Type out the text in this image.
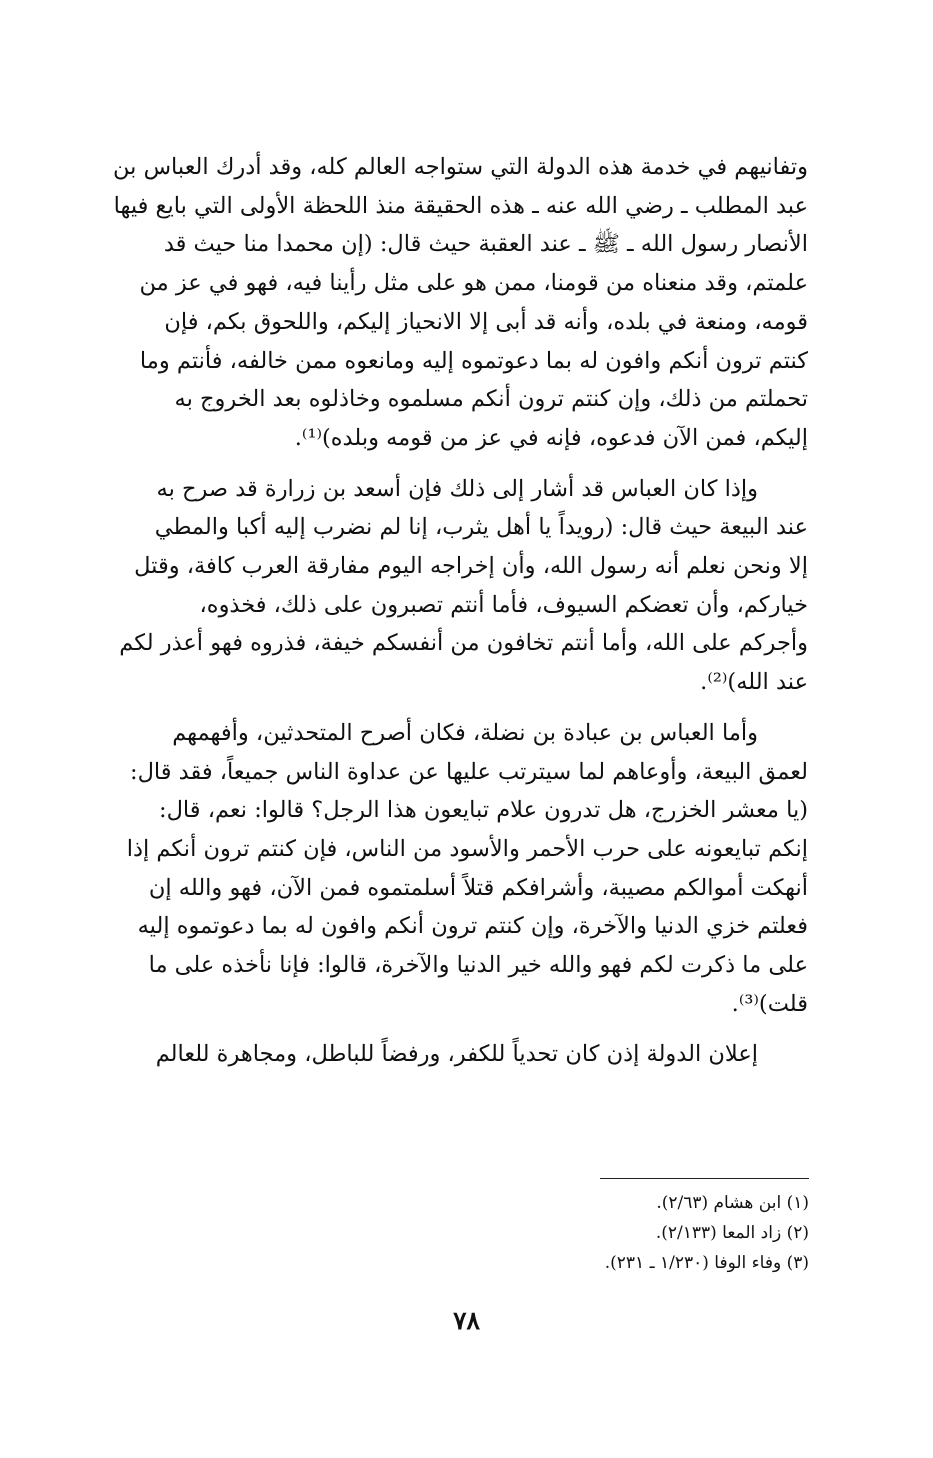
وتفانيهم في خدمة هذه الدولة التي ستواجه العالم كله، وقد أدرك العباس بن
عبد المطلب ـ رضي الله عنه ـ هذه الحقيقة منذ اللحظة الأولى التي بايع فيها
الأنصار رسول الله ـ ﷺ ـ عند العقبة حيث قال: (إن محمدا منا حيث قد
علمتم، وقد منعناه من قومنا، ممن هو على مثل رأينا فيه، فهو في عز من
قومه، ومنعة في بلده، وأنه قد أبى إلا الانحياز إليكم، واللحوق بكم، فإن
كنتم ترون أنكم وافون له بما دعوتموه إليه ومانعوه ممن خالفه، فأنتم وما
تحملتم من ذلك، وإن كنتم ترون أنكم مسلموه وخاذلوه بعد الخروج به
إليكم، فمن الآن فدعوه، فإنه في عز من قومه وبلده)⁽¹⁾.

وإذا كان العباس قد أشار إلى ذلك فإن أسعد بن زرارة قد صرح به
عند البيعة حيث قال: (رويداً يا أهل يثرب، إنا لم نضرب إليه أكبا والمطي
إلا ونحن نعلم أنه رسول الله، وأن إخراجه اليوم مفارقة العرب كافة، وقتل
خياركم، وأن تعضكم السيوف، فأما أنتم تصبرون على ذلك، فخذوه،
وأجركم على الله، وأما أنتم تخافون من أنفسكم خيفة، فذروه فهو أعذر لكم
عند الله)⁽²⁾.

وأما العباس بن عبادة بن نضلة، فكان أصرح المتحدثين، وأفهمهم
لعمق البيعة، وأوعاهم لما سيترتب عليها عن عداوة الناس جميعاً، فقد قال:
(يا معشر الخزرج، هل تدرون علام تبايعون هذا الرجل؟ قالوا: نعم، قال:
إنكم تبايعونه على حرب الأحمر والأسود من الناس، فإن كنتم ترون أنكم إذا
أنهكت أموالكم مصيبة، وأشرافكم قتلاً أسلمتموه فمن الآن، فهو والله إن
فعلتم خزي الدنيا والآخرة، وإن كنتم ترون أنكم وافون له بما دعوتموه إليه
على ما ذكرت لكم فهو والله خير الدنيا والآخرة، قالوا: فإنا نأخذه على ما
قلت)⁽³⁾.

إعلان الدولة إذن كان تحدياً للكفر، ورفضاً للباطل، ومجاهرة للعالم

(١) ابن هشام (٢/٦٣).
(٢) زاد المعا (٢/١٣٣).
(٣) وفاء الوفا (١/٢٣٠ ـ ٢٣١).
٧٨
